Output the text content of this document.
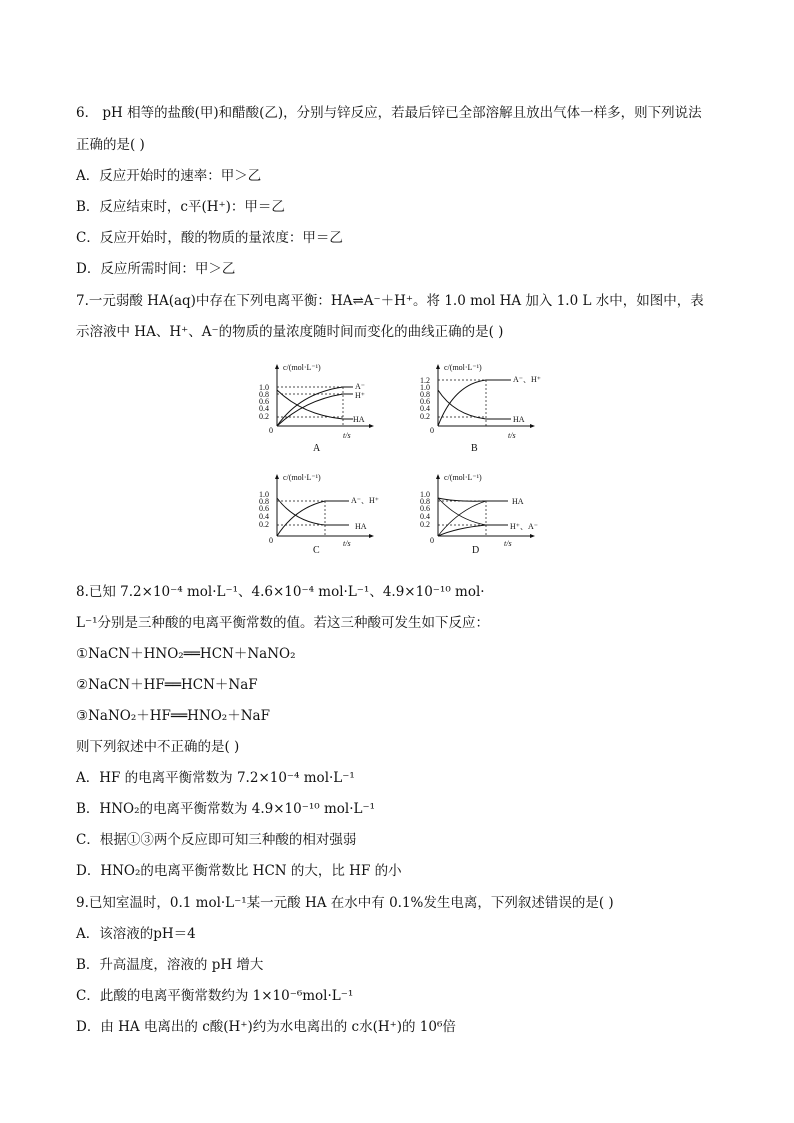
6． pH 相等的盐酸(甲)和醋酸(乙)，分别与锌反应，若最后锌已全部溶解且放出气体一样多，则下列说法
正确的是( )
A．反应开始时的速率：甲＞乙
B．反应结束时，c平(H⁺)：甲＝乙
C．反应开始时，酸的物质的量浓度：甲＝乙
D．反应所需时间：甲＞乙
7.一元弱酸 HA(aq)中存在下列电离平衡：HA⇌A⁻＋H⁺。将 1.0 mol HA 加入 1.0 L 水中，如图中，表
示溶液中 HA、H⁺、A⁻的物质的量浓度随时间而变化的曲线正确的是( )
c/(mol·L⁻¹)
1.0
0.8
0.6
0.4
0.2
0
A⁻
H⁺
HA
t/s
A
c/(mol·L⁻¹)
1.2
1.0
0.8
0.6
0.4
0.2
0
A⁻、H⁺
HA
t/s
B
c/(mol·L⁻¹)
1.0
0.8
0.6
0.4
0.2
0
A⁻、H⁺
HA
t/s
C
c/(mol·L⁻¹)
1.0
0.8
0.6
0.4
0.2
0
HA
H⁺、A⁻
t/s
D
8.已知 7.2×10⁻⁴ mol·L⁻¹、4.6×10⁻⁴ mol·L⁻¹、4.9×10⁻¹⁰ mol·
L⁻¹分别是三种酸的电离平衡常数的值。若这三种酸可发生如下反应：
①NaCN＋HNO₂══HCN＋NaNO₂
②NaCN＋HF══HCN＋NaF
③NaNO₂＋HF══HNO₂＋NaF
则下列叙述中不正确的是( )
A．HF 的电离平衡常数为 7.2×10⁻⁴ mol·L⁻¹
B．HNO₂的电离平衡常数为 4.9×10⁻¹⁰ mol·L⁻¹
C．根据①③两个反应即可知三种酸的相对强弱
D．HNO₂的电离平衡常数比 HCN 的大，比 HF 的小
9.已知室温时，0.1 mol·L⁻¹某一元酸 HA 在水中有 0.1%发生电离，下列叙述错误的是( )
A．该溶液的pH＝4
B．升高温度，溶液的 pH 增大
C．此酸的电离平衡常数约为 1×10⁻⁶mol·L⁻¹
D．由 HA 电离出的 c酸(H⁺)约为水电离出的 c水(H⁺)的 10⁶倍
